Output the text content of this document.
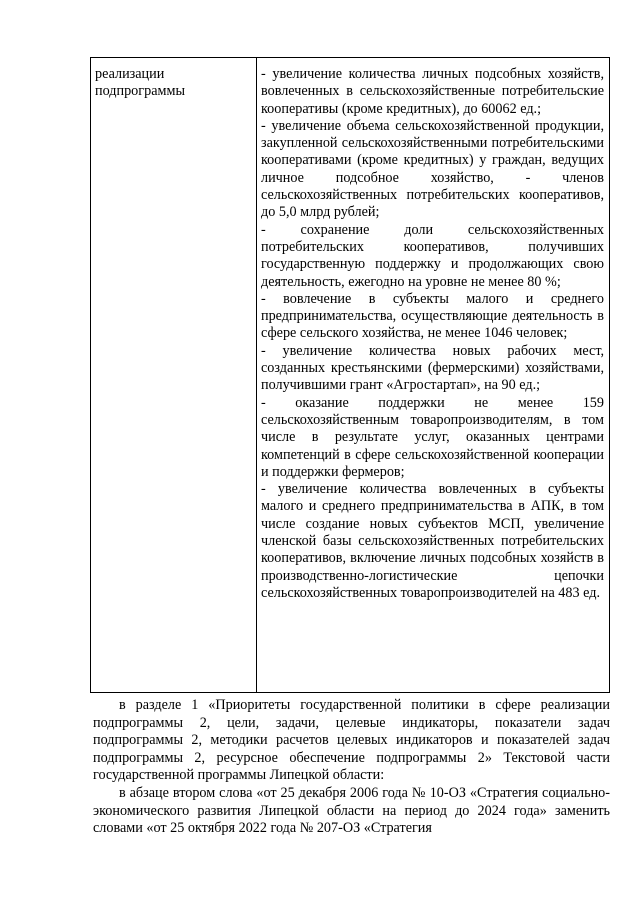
реализации подпрограммы

- увеличение количества личных подсобных хозяйств, вовлеченных в сельскохозяйственные потребительские кооперативы (кроме кредитных), до 60062 ед.;

- увеличение объема сельскохозяйственной продукции, закупленной сельскохозяйственными потребительскими кооперативами (кроме кредитных) у граждан, ведущих личное подсобное хозяйство, - членов сельскохозяйственных потребительских кооперативов, до 5,0 млрд рублей;

- сохранение доли сельскохозяйственных потребительских кооперативов, получивших государственную поддержку и продолжающих свою деятельность, ежегодно на уровне не менее 80 %;

- вовлечение в субъекты малого и среднего предпринимательства, осуществляющие деятельность в сфере сельского хозяйства, не менее 1046 человек;

- увеличение количества новых рабочих мест, созданных крестьянскими (фермерскими) хозяйствами, получившими грант «Агростартап», на 90 ед.;

- оказание поддержки не менее 159 сельскохозяйственным товаропроизводителям, в том числе в результате услуг, оказанных центрами компетенций в сфере сельскохозяйственной кооперации и поддержки фермеров;

- увеличение количества вовлеченных в субъекты малого и среднего предпринимательства в АПК, в том числе создание новых субъектов МСП, увеличение членской базы сельскохозяйственных потребительских кооперативов, включение личных подсобных хозяйств в производственно-логистические цепочки сельскохозяйственных товаропроизводителей на 483 ед.

в разделе 1 «Приоритеты государственной политики в сфере реализации подпрограммы 2, цели, задачи, целевые индикаторы, показатели задач подпрограммы 2, методики расчетов целевых индикаторов и показателей задач подпрограммы 2, ресурсное обеспечение подпрограммы 2» Текстовой части государственной программы Липецкой области:

в абзаце втором слова «от 25 декабря 2006 года № 10-ОЗ «Стратегия социально-экономического развития Липецкой области на период до 2024 года» заменить словами «от 25 октября 2022 года № 207-ОЗ «Стратегия
